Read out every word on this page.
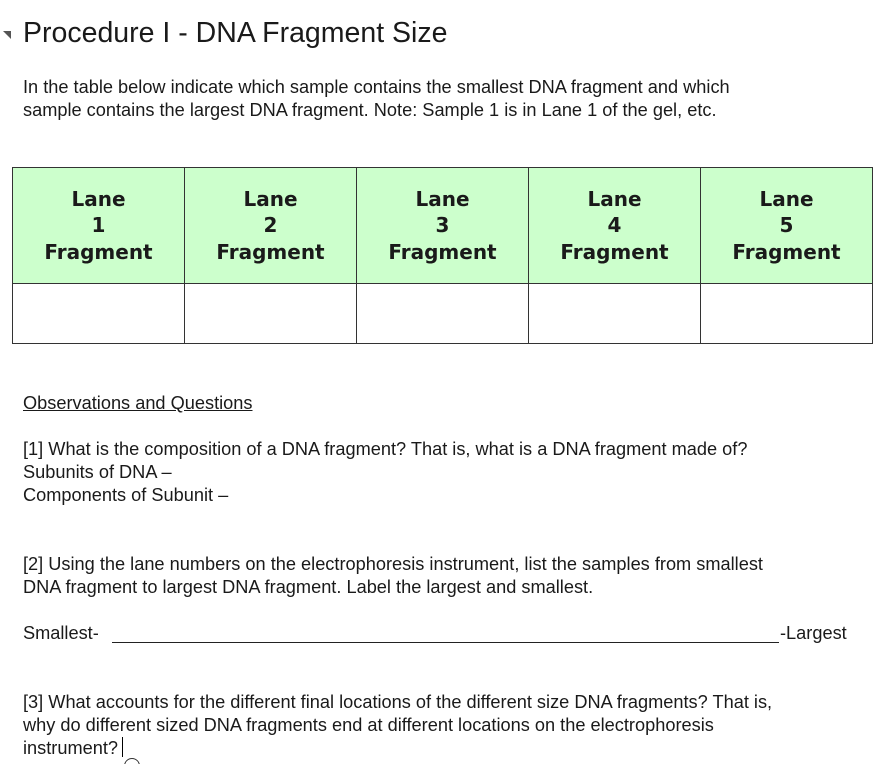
Procedure I - DNA Fragment Size
In the table below indicate which sample contains the smallest DNA fragment and which
sample contains the largest DNA fragment. Note: Sample 1 is in Lane 1 of the gel, etc.
Lane
1
Fragment	Lane
2
Fragment	Lane
3
Fragment	Lane
4
Fragment	Lane
5
Fragment

Observations and Questions
[1] What is the composition of a DNA fragment? That is, what is a DNA fragment made of?
Subunits of DNA –
Components of Subunit –
[2] Using the lane numbers on the electrophoresis instrument, list the samples from smallest
DNA fragment to largest DNA fragment. Label the largest and smallest.
Smallest-	-Largest
[3] What accounts for the different final locations of the different size DNA fragments? That is,
why do different sized DNA fragments end at different locations on the electrophoresis
instrument?
